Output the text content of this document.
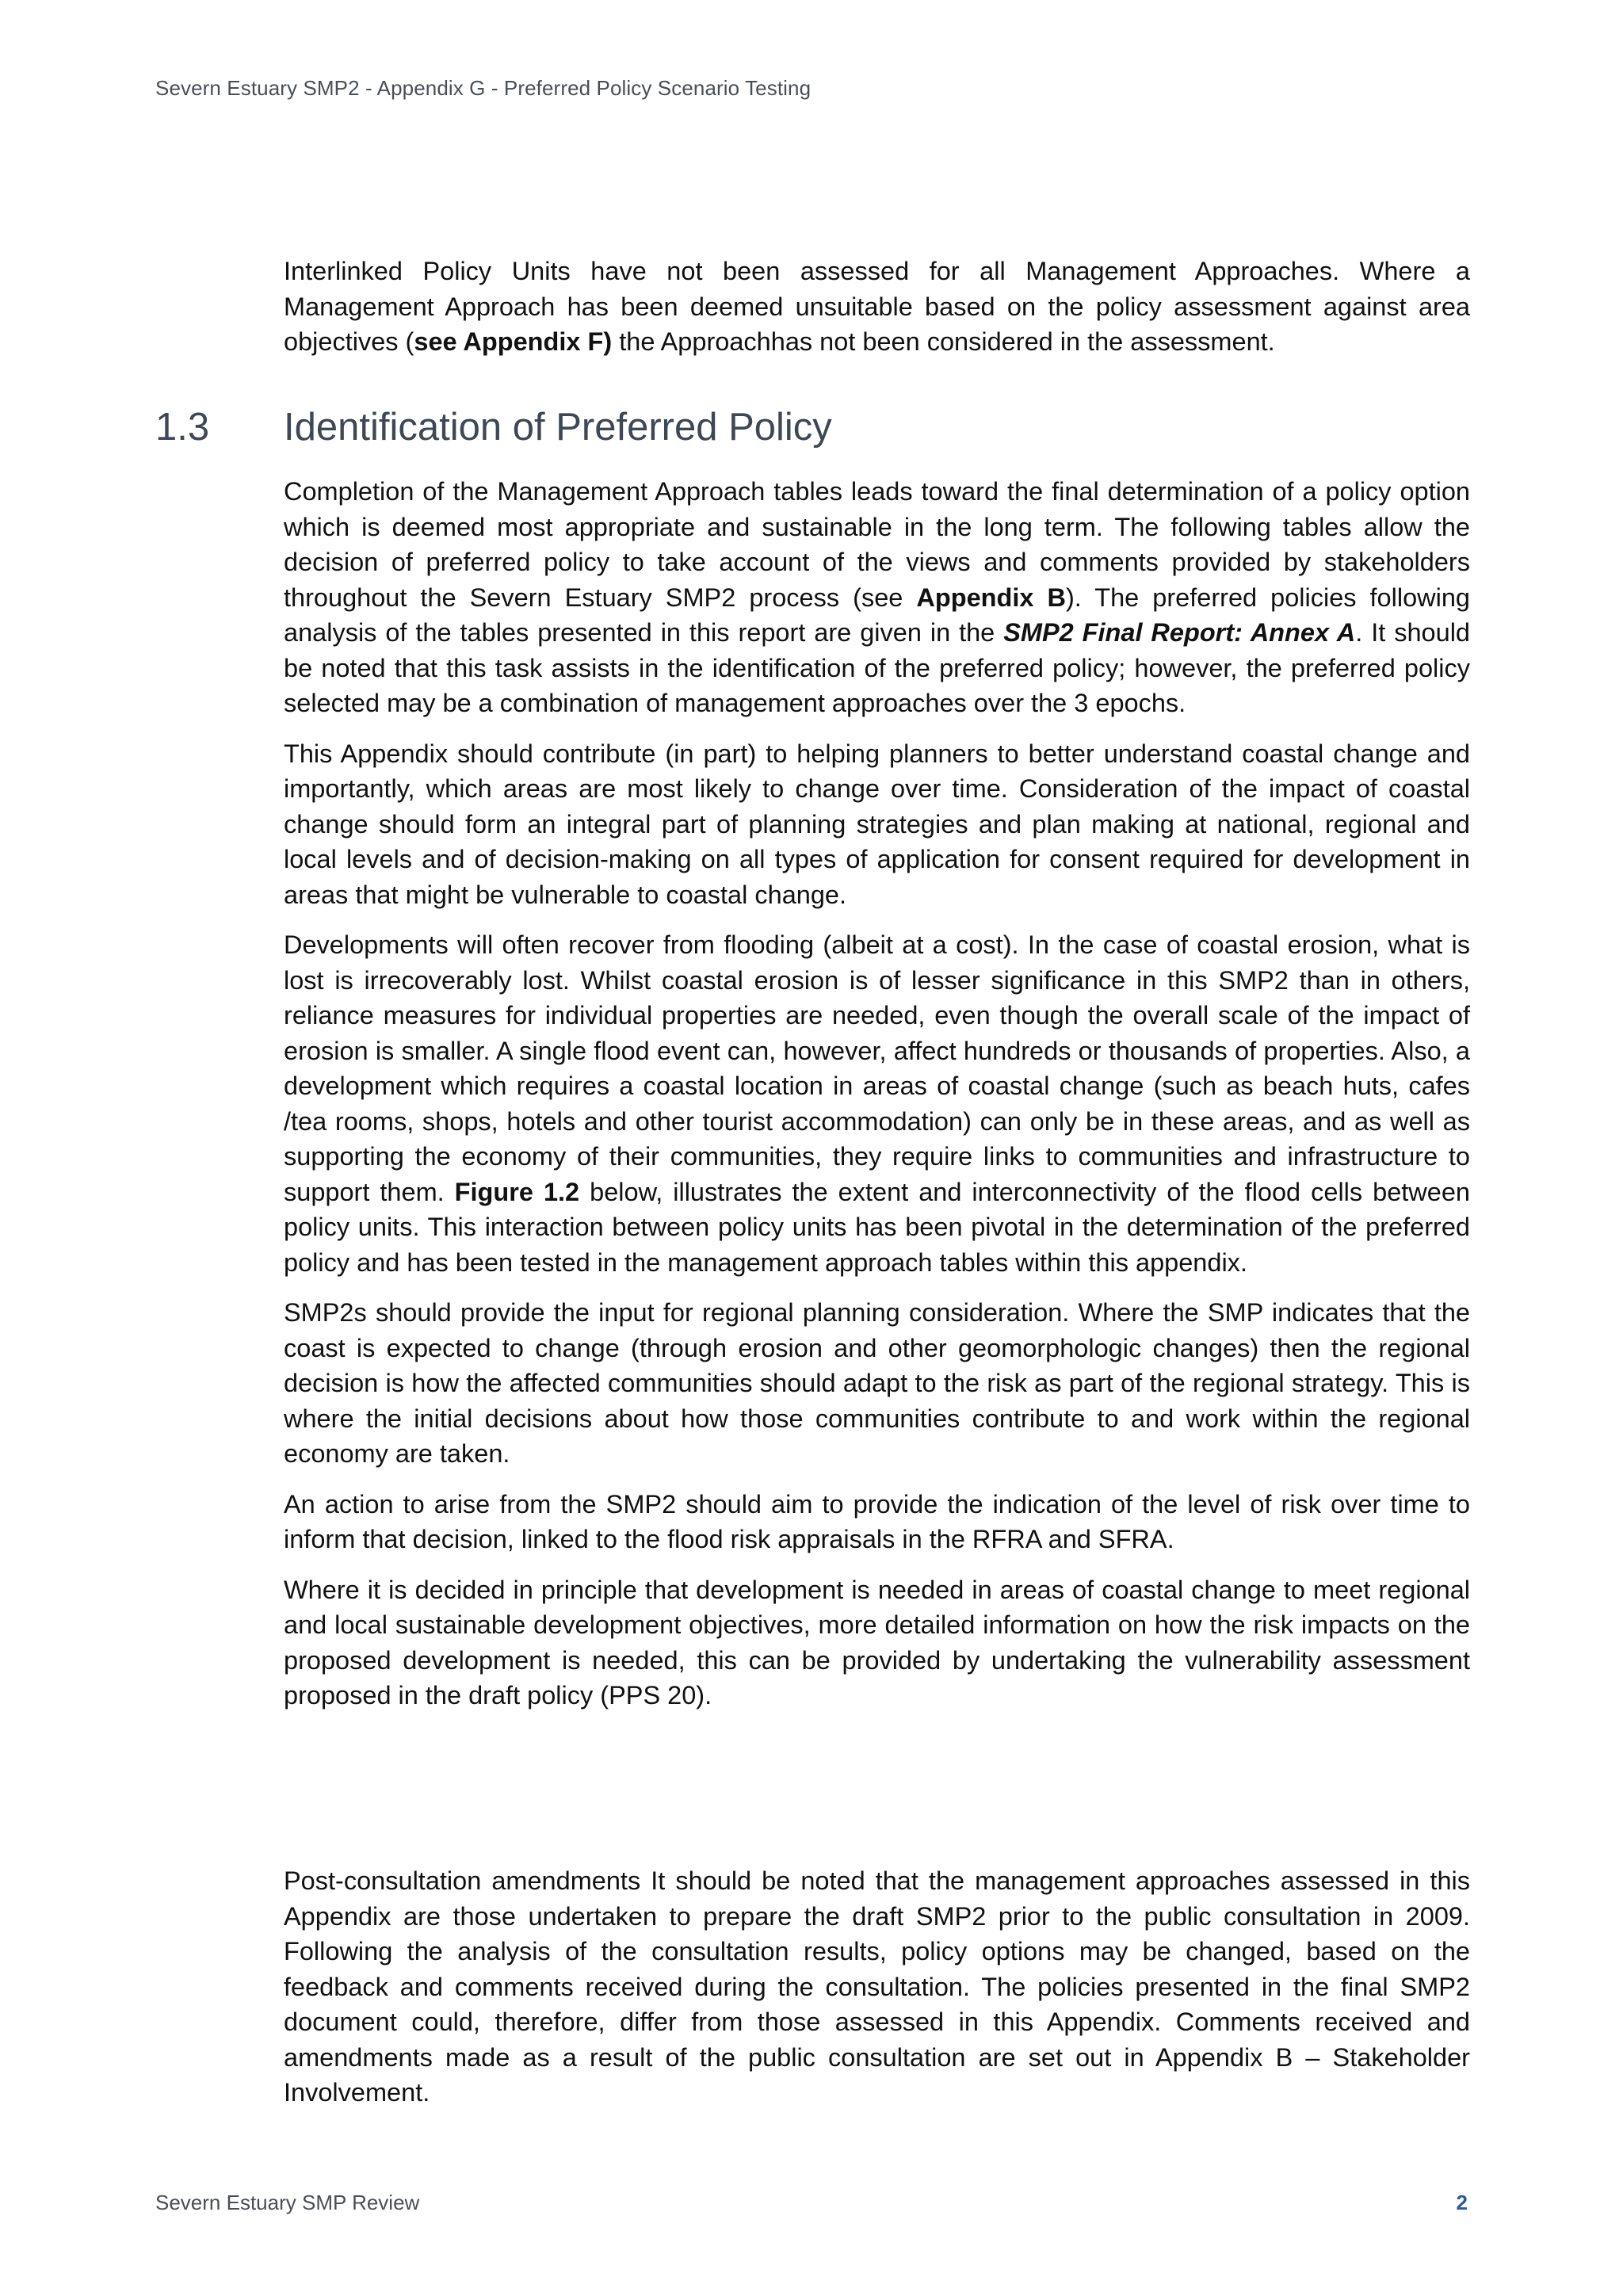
Severn Estuary SMP2 - Appendix G - Preferred Policy Scenario Testing

Interlinked Policy Units have not been assessed for all Management Approaches. Where a Management Approach has been deemed unsuitable based on the policy assessment against area objectives (see Appendix F) the Approachhas not been considered in the assessment.

1.3 Identification of Preferred Policy

Completion of the Management Approach tables leads toward the final determination of a policy option which is deemed most appropriate and sustainable in the long term. The following tables allow the decision of preferred policy to take account of the views and comments provided by stakeholders throughout the Severn Estuary SMP2 process (see Appendix B). The preferred policies following analysis of the tables presented in this report are given in the SMP2 Final Report: Annex A. It should be noted that this task assists in the identification of the preferred policy; however, the preferred policy selected may be a combination of management approaches over the 3 epochs.

This Appendix should contribute (in part) to helping planners to better understand coastal change and importantly, which areas are most likely to change over time. Consideration of the impact of coastal change should form an integral part of planning strategies and plan making at national, regional and local levels and of decision-making on all types of application for consent required for development in areas that might be vulnerable to coastal change.

Developments will often recover from flooding (albeit at a cost). In the case of coastal erosion, what is lost is irrecoverably lost. Whilst coastal erosion is of lesser significance in this SMP2 than in others, reliance measures for individual properties are needed, even though the overall scale of the impact of erosion is smaller. A single flood event can, however, affect hundreds or thousands of properties. Also, a development which requires a coastal location in areas of coastal change (such as beach huts, cafes /tea rooms, shops, hotels and other tourist accommodation) can only be in these areas, and as well as supporting the economy of their communities, they require links to communities and infrastructure to support them. Figure 1.2 below, illustrates the extent and interconnectivity of the flood cells between policy units. This interaction between policy units has been pivotal in the determination of the preferred policy and has been tested in the management approach tables within this appendix.

SMP2s should provide the input for regional planning consideration. Where the SMP indicates that the coast is expected to change (through erosion and other geomorphologic changes) then the regional decision is how the affected communities should adapt to the risk as part of the regional strategy. This is where the initial decisions about how those communities contribute to and work within the regional economy are taken.

An action to arise from the SMP2 should aim to provide the indication of the level of risk over time to inform that decision, linked to the flood risk appraisals in the RFRA and SFRA.

Where it is decided in principle that development is needed in areas of coastal change to meet regional and local sustainable development objectives, more detailed information on how the risk impacts on the proposed development is needed, this can be provided by undertaking the vulnerability assessment proposed in the draft policy (PPS 20).

Post-consultation amendments It should be noted that the management approaches assessed in this Appendix are those undertaken to prepare the draft SMP2 prior to the public consultation in 2009. Following the analysis of the consultation results, policy options may be changed, based on the feedback and comments received during the consultation. The policies presented in the final SMP2 document could, therefore, differ from those assessed in this Appendix. Comments received and amendments made as a result of the public consultation are set out in Appendix B – Stakeholder Involvement.

Severn Estuary SMP Review	2
